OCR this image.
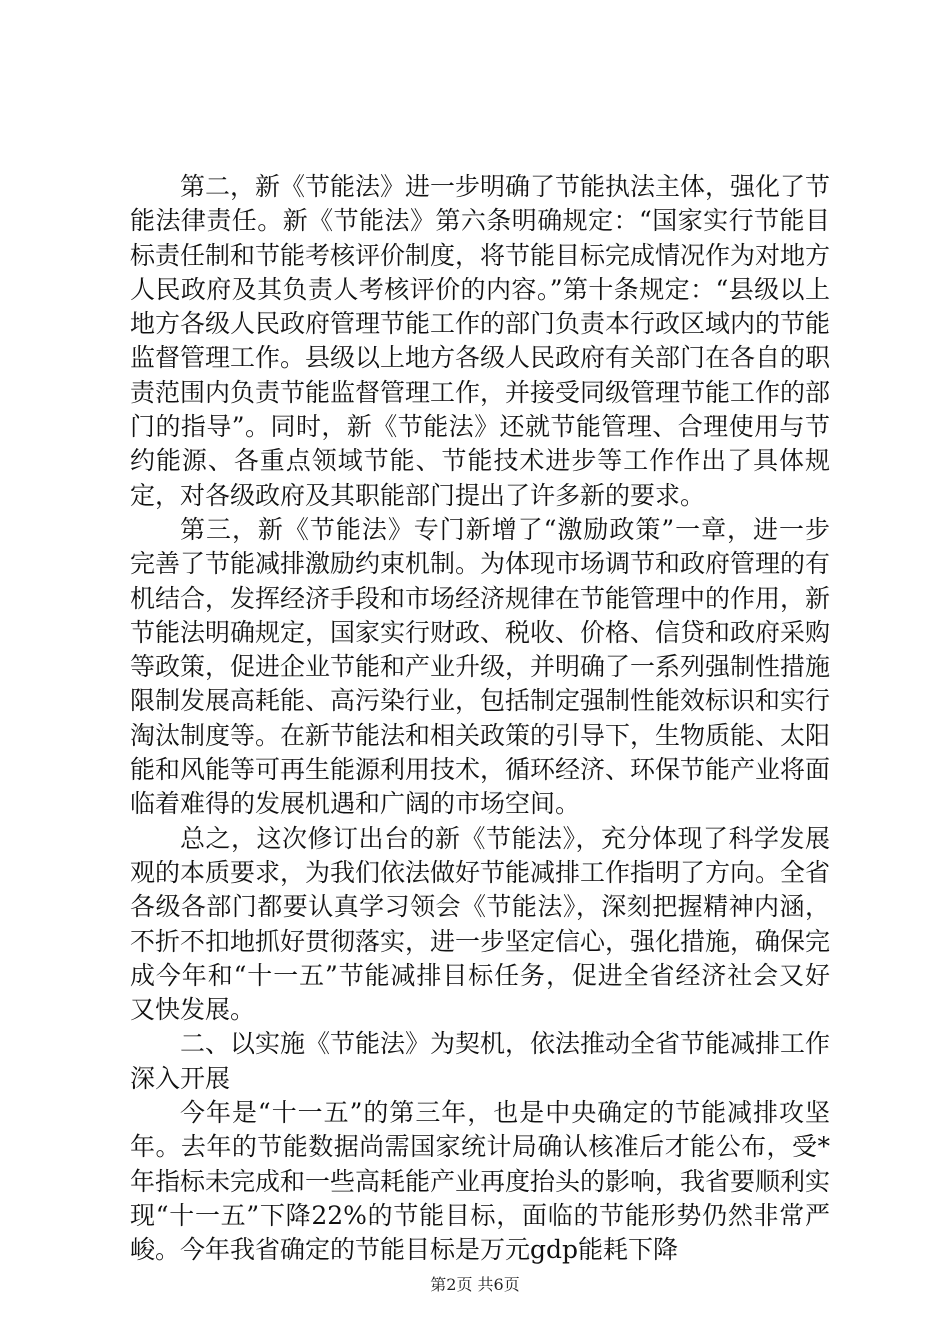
第二，新《节能法》进一步明确了节能执法主体，强化了节能法律责任。新《节能法》第六条明确规定：“国家实行节能目标责任制和节能考核评价制度，将节能目标完成情况作为对地方人民政府及其负责人考核评价的内容。”第十条规定：“县级以上地方各级人民政府管理节能工作的部门负责本行政区域内的节能监督管理工作。县级以上地方各级人民政府有关部门在各自的职责范围内负责节能监督管理工作，并接受同级管理节能工作的部门的指导”。同时，新《节能法》还就节能管理、合理使用与节约能源、各重点领域节能、节能技术进步等工作作出了具体规定，对各级政府及其职能部门提出了许多新的要求。

第三，新《节能法》专门新增了“激励政策”一章，进一步完善了节能减排激励约束机制。为体现市场调节和政府管理的有机结合，发挥经济手段和市场经济规律在节能管理中的作用，新节能法明确规定，国家实行财政、税收、价格、信贷和政府采购等政策，促进企业节能和产业升级，并明确了一系列强制性措施限制发展高耗能、高污染行业，包括制定强制性能效标识和实行淘汰制度等。在新节能法和相关政策的引导下，生物质能、太阳能和风能等可再生能源利用技术，循环经济、环保节能产业将面临着难得的发展机遇和广阔的市场空间。

总之，这次修订出台的新《节能法》，充分体现了科学发展观的本质要求，为我们依法做好节能减排工作指明了方向。全省各级各部门都要认真学习领会《节能法》，深刻把握精神内涵，不折不扣地抓好贯彻落实，进一步坚定信心，强化措施，确保完成今年和“十一五”节能减排目标任务，促进全省经济社会又好又快发展。

二、以实施《节能法》为契机，依法推动全省节能减排工作深入开展

今年是“十一五”的第三年，也是中央确定的节能减排攻坚年。去年的节能数据尚需国家统计局确认核准后才能公布，受*年指标未完成和一些高耗能产业再度抬头的影响，我省要顺利实现“十一五”下降22%的节能目标，面临的节能形势仍然非常严峻。今年我省确定的节能目标是万元gdp能耗下降

第2页 共6页
